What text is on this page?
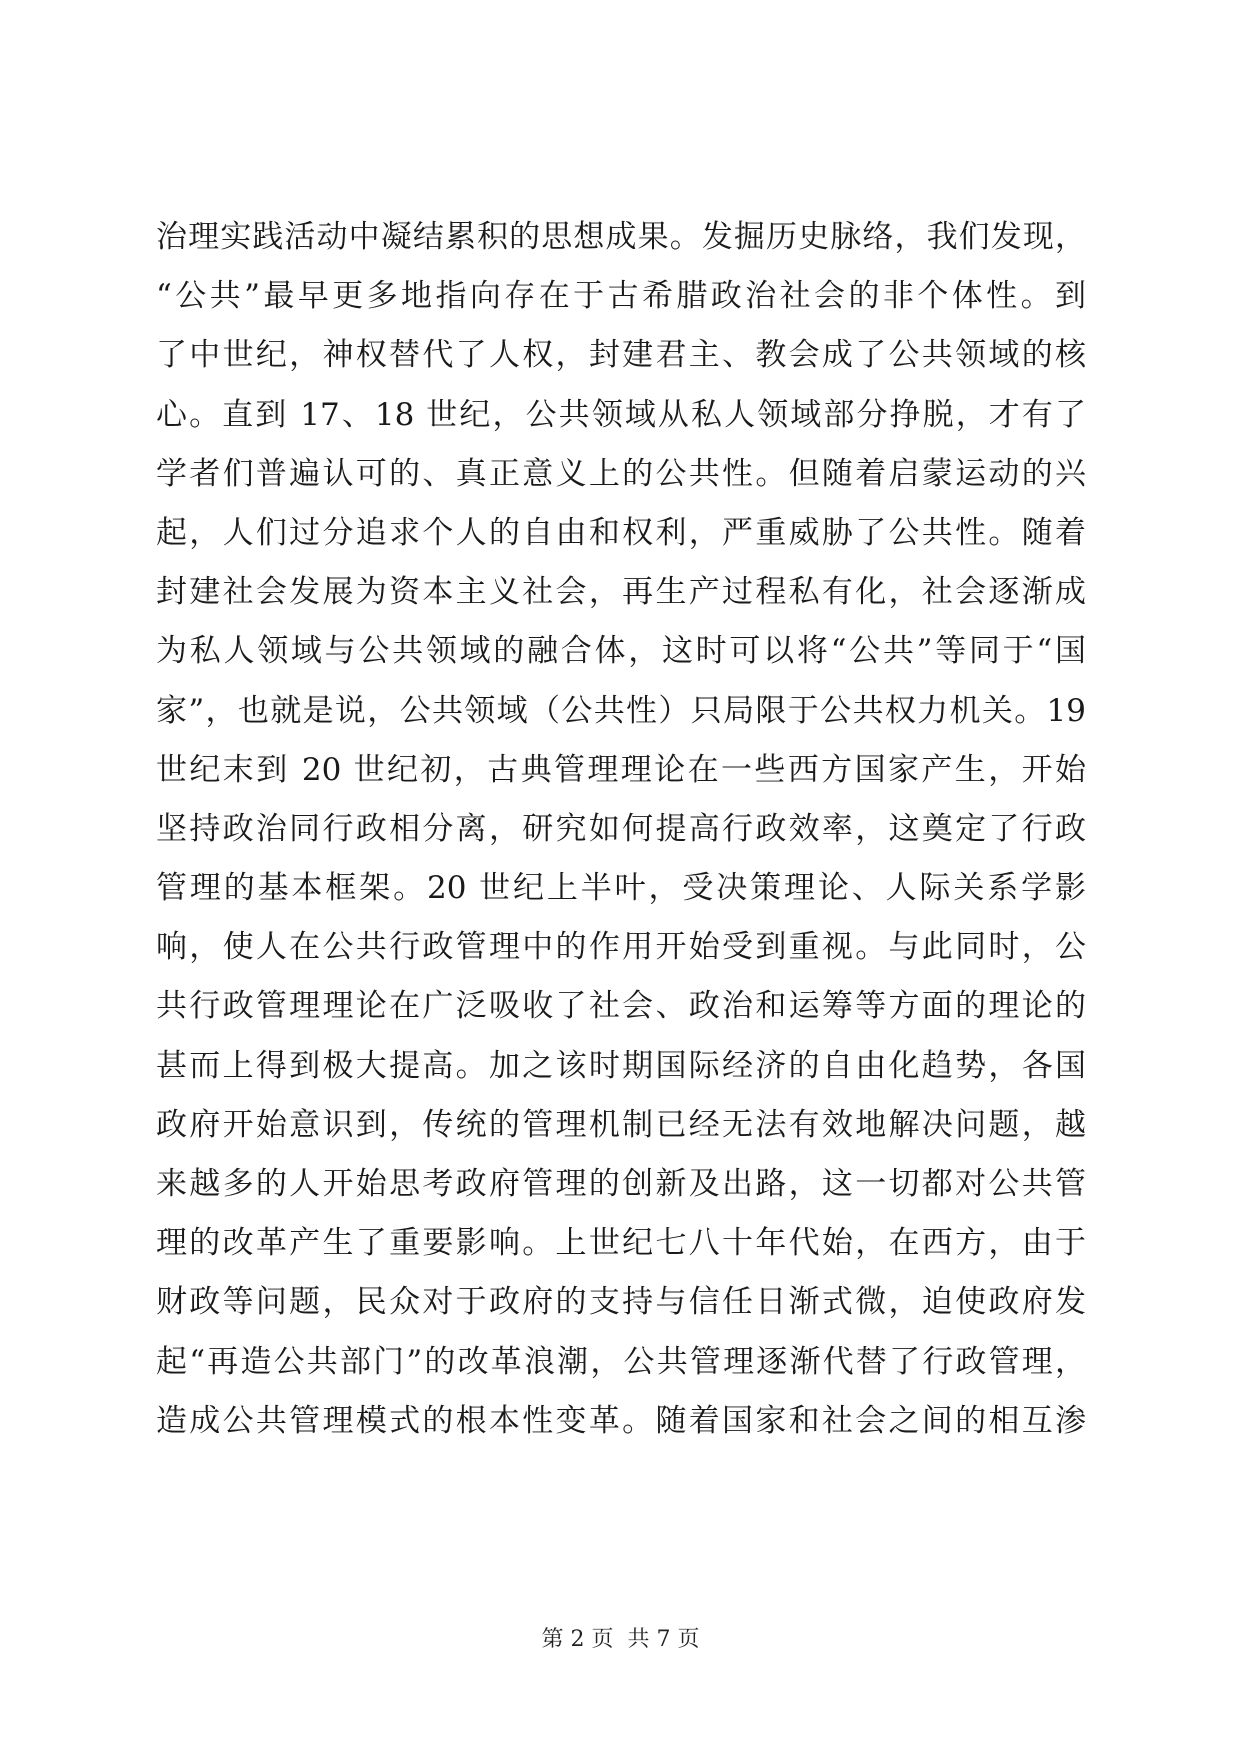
治理实践活动中凝结累积的思想成果。发掘历史脉络，我们发现，
“公共”最早更多地指向存在于古希腊政治社会的非个体性。到
了中世纪，神权替代了人权，封建君主、教会成了公共领域的核
心。直到 17、18 世纪，公共领域从私人领域部分挣脱，才有了
学者们普遍认可的、真正意义上的公共性。但随着启蒙运动的兴
起，人们过分追求个人的自由和权利，严重威胁了公共性。随着
封建社会发展为资本主义社会，再生产过程私有化，社会逐渐成
为私人领域与公共领域的融合体，这时可以将“公共”等同于“国
家”，也就是说，公共领域（公共性）只局限于公共权力机关。19
世纪末到 20 世纪初，古典管理理论在一些西方国家产生，开始
坚持政治同行政相分离，研究如何提高行政效率，这奠定了行政
管理的基本框架。20 世纪上半叶，受决策理论、人际关系学影
响，使人在公共行政管理中的作用开始受到重视。与此同时，公
共行政管理理论在广泛吸收了社会、政治和运筹等方面的理论的
甚而上得到极大提高。加之该时期国际经济的自由化趋势，各国
政府开始意识到，传统的管理机制已经无法有效地解决问题，越
来越多的人开始思考政府管理的创新及出路，这一切都对公共管
理的改革产生了重要影响。上世纪七八十年代始，在西方，由于
财政等问题，民众对于政府的支持与信任日渐式微，迫使政府发
起“再造公共部门”的改革浪潮，公共管理逐渐代替了行政管理，
造成公共管理模式的根本性变革。随着国家和社会之间的相互渗
第 2 页  共 7 页
